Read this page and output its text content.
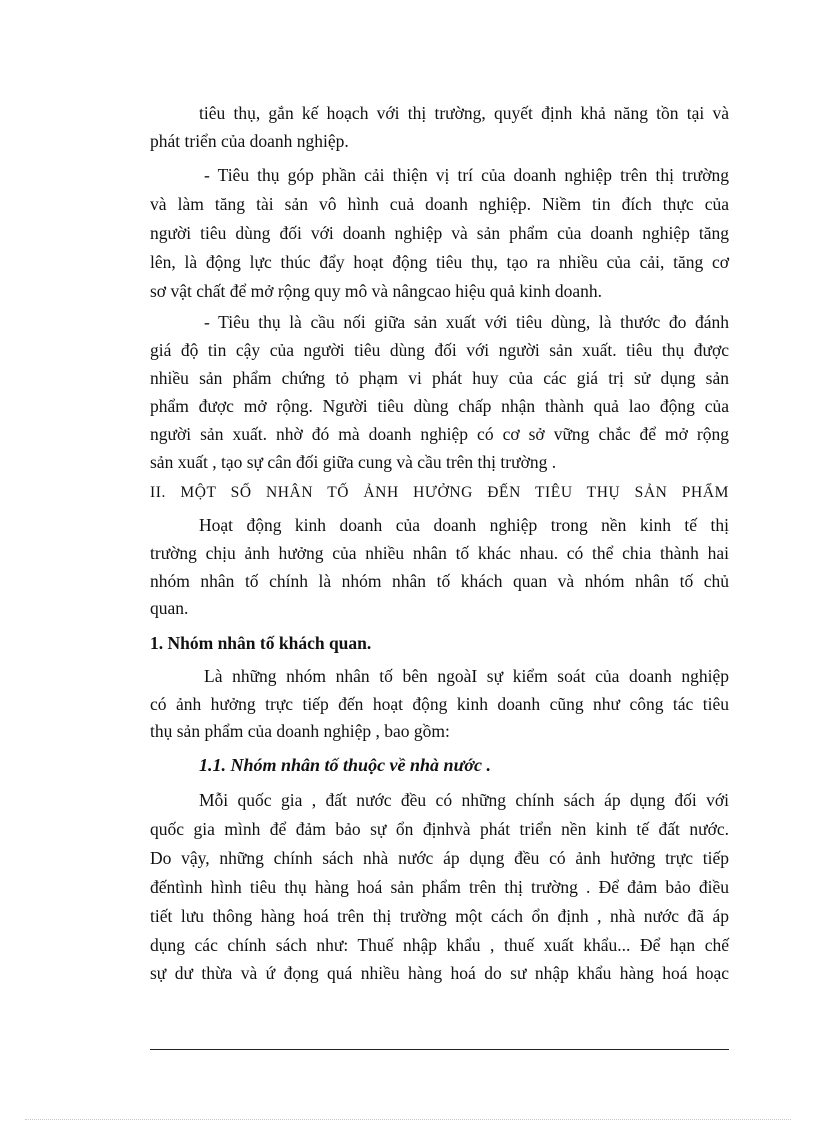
tiêu thụ, gắn kế hoạch với thị trường, quyết định khả năng tồn tại và
phát triển của doanh nghiệp.
- Tiêu thụ góp phần cải thiện vị trí của doanh nghiệp trên thị trường
và làm tăng tài sản vô hình cuả doanh nghiệp. Niềm tin đích thực của
người tiêu dùng đối với doanh nghiệp và sản phẩm của doanh nghiệp tăng
lên, là động lực thúc đẩy hoạt động tiêu thụ, tạo ra nhiều của cải, tăng cơ
sơ vật chất để mở rộng quy mô và nângcao hiệu quả kinh doanh.
- Tiêu thụ là cầu nối giữa sản xuất với tiêu dùng, là thước đo đánh
giá độ tin cậy của người tiêu dùng đối với người sản xuất. tiêu thụ được
nhiều sản phẩm chứng tỏ phạm vi phát huy của các giá trị sử dụng sản
phẩm được mở rộng. Người tiêu dùng chấp nhận thành quả lao động của
người sản xuất. nhờ đó mà doanh nghiệp có cơ sở vững chắc để mở rộng
sản xuất , tạo sự cân đối giữa cung và cầu trên thị trường .
II. MỘT SỐ NHÂN TỐ ẢNH HƯỞNG ĐẾN TIÊU THỤ SẢN PHẨM
Hoạt động kinh doanh của doanh nghiệp trong nền kinh tế thị
trường chịu ảnh hưởng của nhiều nhân tố khác nhau. có thể chia thành hai
nhóm nhân tố chính là nhóm nhân tố khách quan và nhóm nhân tố chủ
quan.
1. Nhóm nhân tố khách quan.
Là những nhóm nhân tố bên ngoàI sự kiểm soát của doanh nghiệp
có ảnh hưởng trực tiếp đến hoạt động kinh doanh cũng như công tác tiêu
thụ sản phẩm của doanh nghiệp , bao gồm:
1.1. Nhóm nhân tố thuộc về nhà nước .
Mỗi quốc gia , đất nước đều có những chính sách áp dụng đối với
quốc gia mình để đảm bảo sự ổn địnhvà phát triển nền kinh tế đất nước.
Do vậy, những chính sách nhà nước áp dụng đều có ảnh hưởng trực tiếp
đếntình hình tiêu thụ hàng hoá sản phẩm trên thị trường . Để đảm bảo điều
tiết lưu thông hàng hoá trên thị trường một cách ổn định , nhà nước đã áp
dụng các chính sách như: Thuế nhập khẩu , thuế xuất khẩu... Để hạn chế
sự dư thừa và ứ đọng quá nhiều hàng hoá do sư nhập khẩu hàng hoá hoạc
